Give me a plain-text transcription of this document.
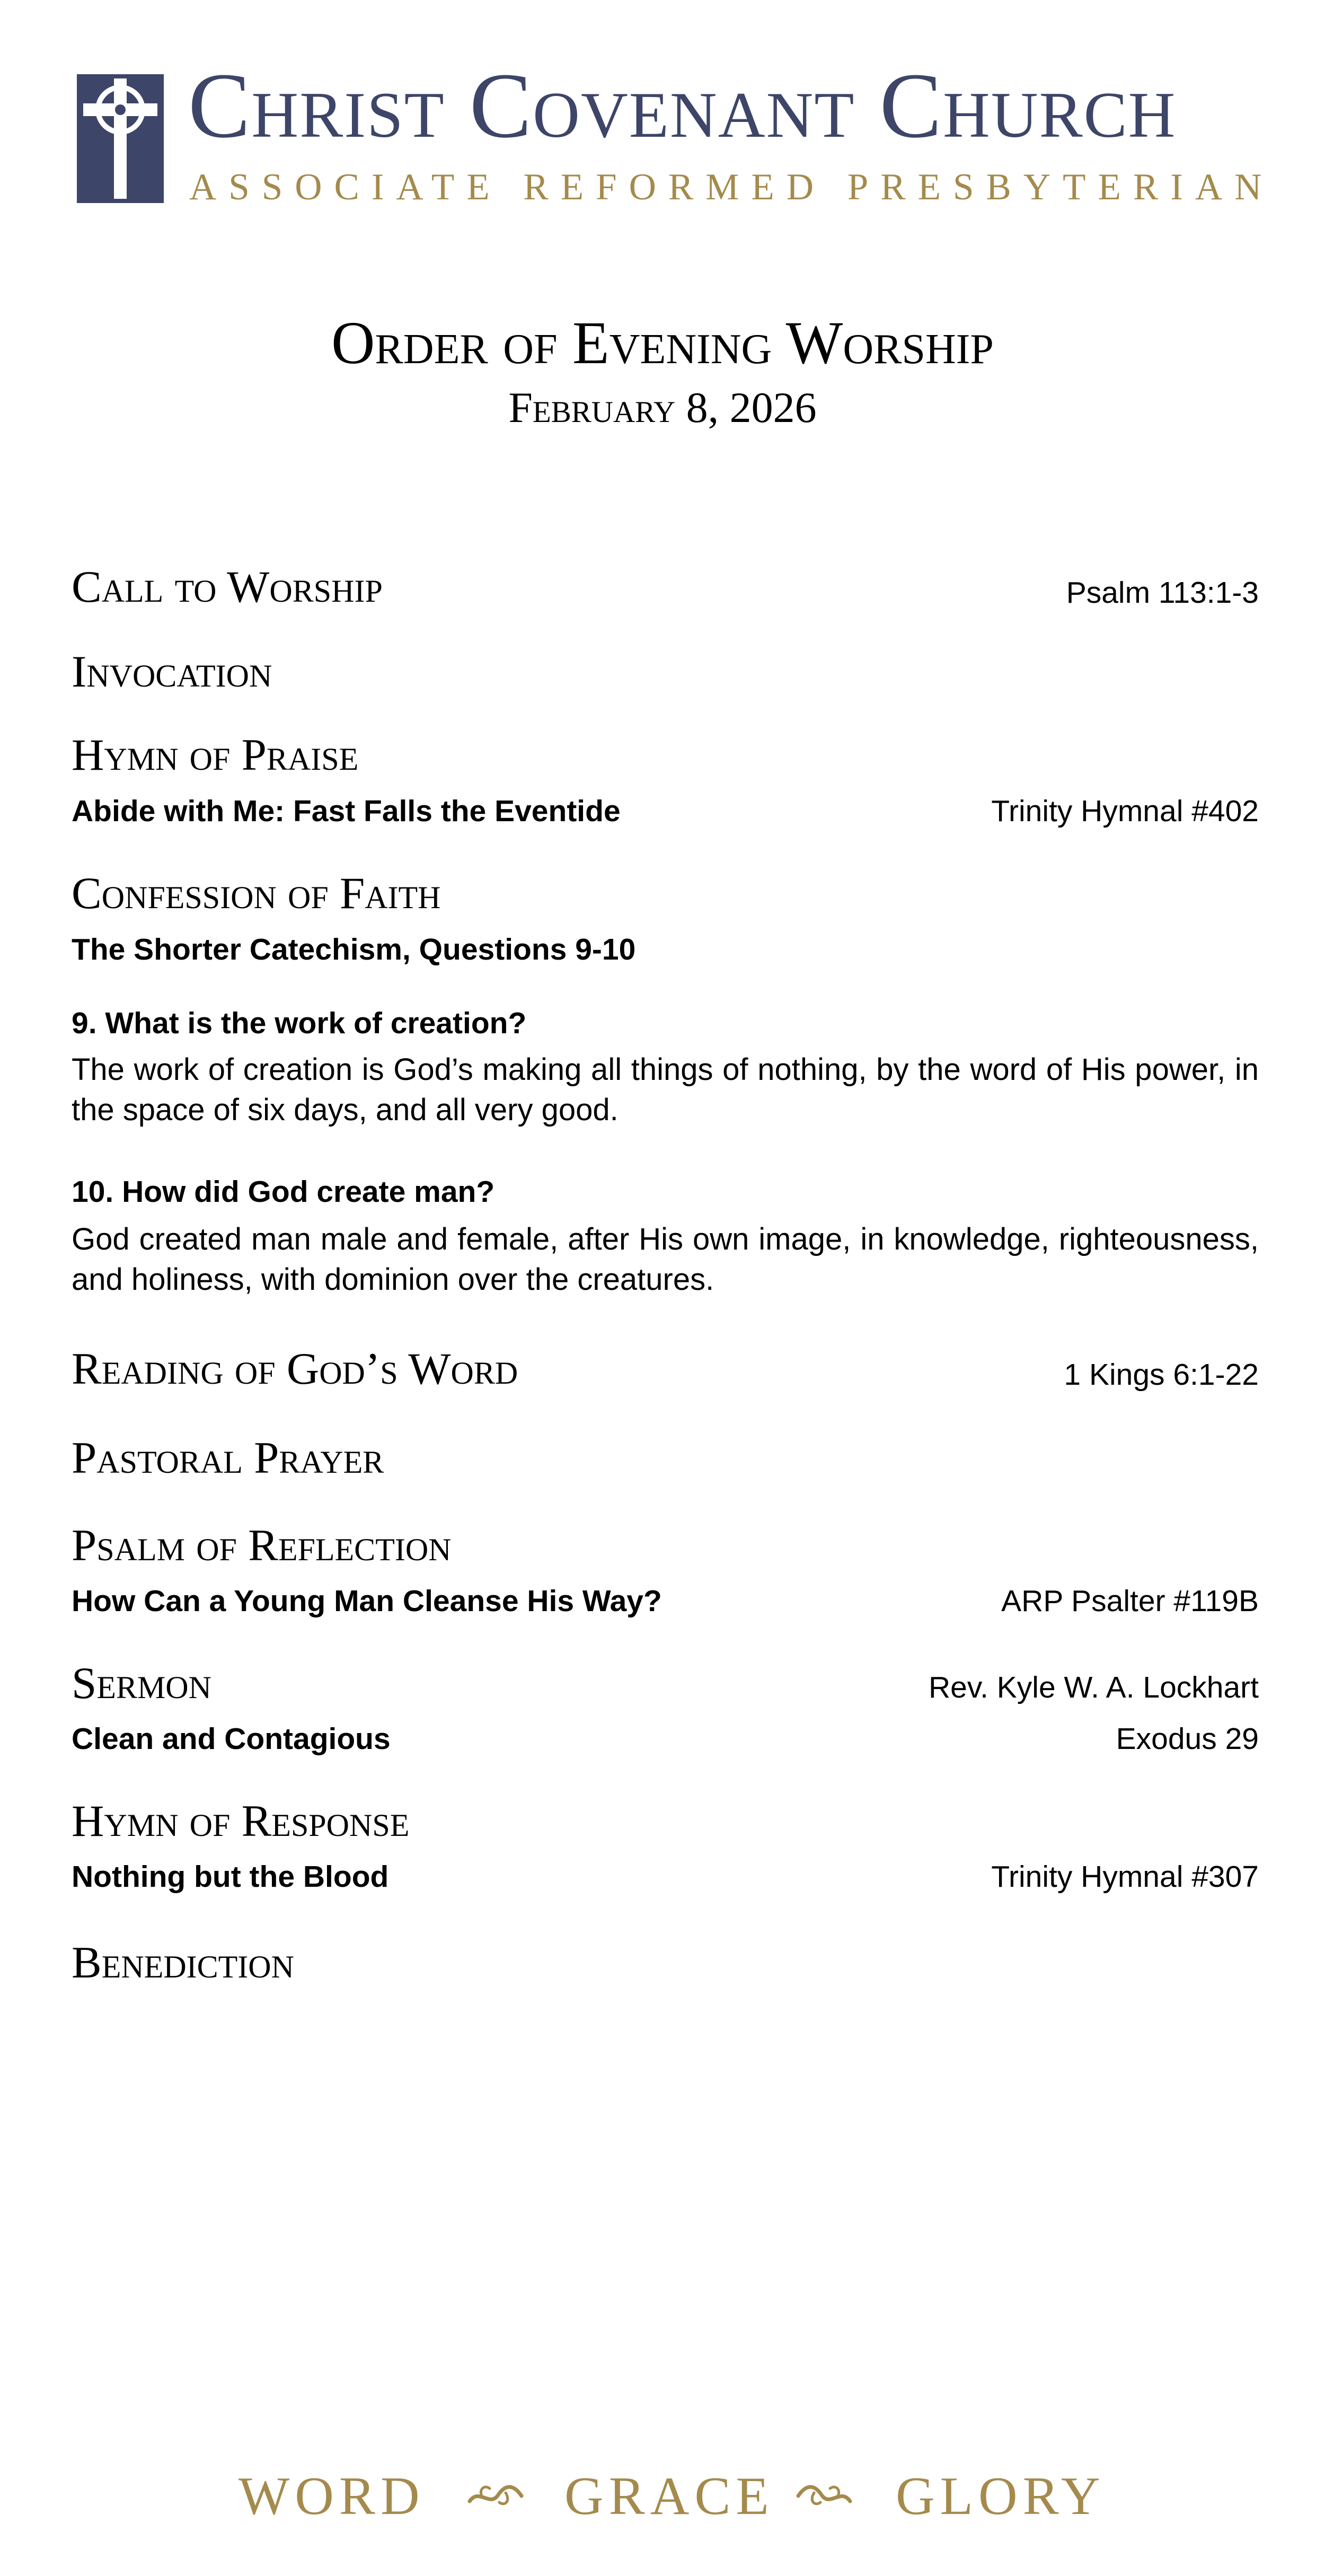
Christ Covenant Church
ASSOCIATE REFORMED PRESBYTERIAN
Order of Evening Worship
February 8, 2026
Call to Worship	Psalm 113:1-3
Invocation
Hymn of Praise
Abide with Me: Fast Falls the Eventide	Trinity Hymnal #402
Confession of Faith
The Shorter Catechism, Questions 9-10
9. What is the work of creation?
The work of creation is God’s making all things of nothing, by the word of His power, in the space of six days, and all very good.
10. How did God create man?
God created man male and female, after His own image, in knowledge, righteousness, and holiness, with dominion over the creatures.
Reading of God’s Word	1 Kings 6:1-22
Pastoral Prayer
Psalm of Reflection
How Can a Young Man Cleanse His Way?	ARP Psalter #119B
Sermon	Rev. Kyle W. A. Lockhart
Clean and Contagious	Exodus 29
Hymn of Response
Nothing but the Blood	Trinity Hymnal #307
Benediction
WORD	GRACE GLORY
